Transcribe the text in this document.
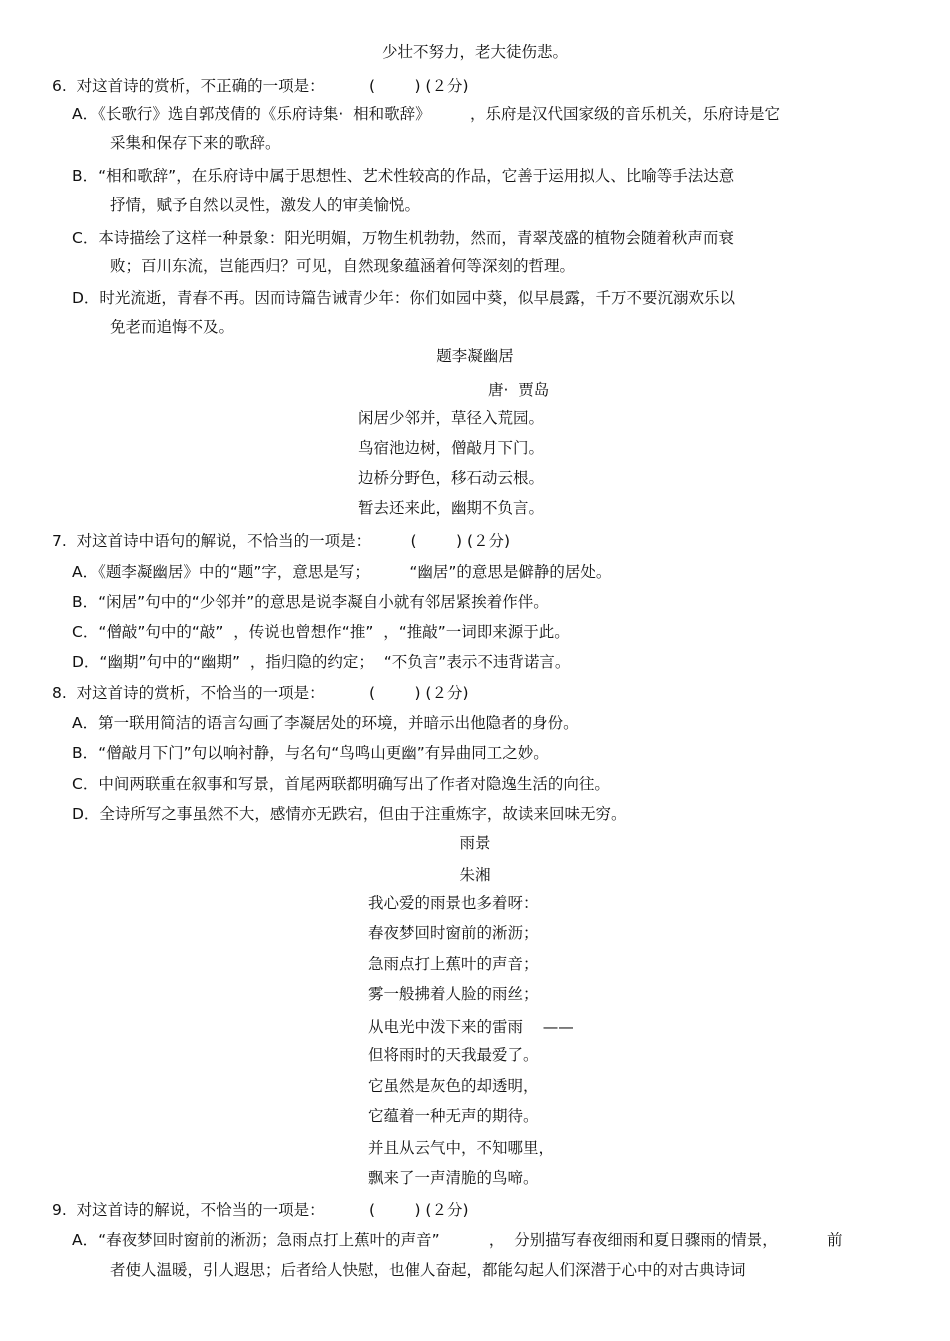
少壮不努力，老大徒伤悲。
6.  对这首诗的赏析，不正确的一项是：         (        ) (２分)
A．《长歌行》选自郭茂倩的《乐府诗集·  相和歌辞》        ，乐府是汉代国家级的音乐机关，乐府诗是它
采集和保存下来的歌辞。
B．“相和歌辞”，在乐府诗中属于思想性、艺术性较高的作品，它善于运用拟人、比喻等手法达意
抒情，赋予自然以灵性，激发人的审美愉悦。
C．本诗描绘了这样一种景象：阳光明媚，万物生机勃勃，然而，青翠茂盛的植物会随着秋声而衰
败；百川东流，岂能西归？可见，自然现象蕴涵着何等深刻的哲理。
D．时光流逝，青春不再。因而诗篇告诫青少年：你们如园中葵，似早晨露，千万不要沉溺欢乐以
免老而追悔不及。
题李凝幽居
唐·  贾岛
闲居少邻并，草径入荒园。
鸟宿池边树，僧敲月下门。
边桥分野色，移石动云根。
暂去还来此，幽期不负言。
7.  对这首诗中语句的解说，不恰当的一项是：        (        ) (２分)
A．《题李凝幽居》中的“题”字，意思是写；        “幽居”的意思是僻静的居处。
B．“闲居”句中的“少邻并”的意思是说李凝自小就有邻居紧挨着作伴。
C．“僧敲”句中的“敲”  ，传说也曾想作“推”  ，“推敲”一词即来源于此。
D．“幽期”句中的“幽期”  ，指归隐的约定；  “不负言”表示不违背诺言。
8.  对这首诗的赏析，不恰当的一项是：         (        ) (２分)
A．第一联用简洁的语言勾画了李凝居处的环境，并暗示出他隐者的身份。
B．“僧敲月下门”句以响衬静，与名句“鸟鸣山更幽”有异曲同工之妙。
C．中间两联重在叙事和写景，首尾两联都明确写出了作者对隐逸生活的向往。
D．全诗所写之事虽然不大，感情亦无跌宕，但由于注重炼字，故读来回味无穷。
雨景
朱湘
我心爱的雨景也多着呀：
春夜梦回时窗前的淅沥；
急雨点打上蕉叶的声音；
雾一般拂着人脸的雨丝；
从电光中泼下来的雷雨    ——
但将雨时的天我最爱了。
它虽然是灰色的却透明，
它蕴着一种无声的期待。
并且从云气中，不知哪里，
飘来了一声清脆的鸟啼。
9.  对这首诗的解说，不恰当的一项是：         (        ) (２分)
A．“春夜梦回时窗前的淅沥；急雨点打上蕉叶的声音”          ，  分别描写春夜细雨和夏日骤雨的情景，          前
者使人温暖，引人遐思；后者给人快慰，也催人奋起，都能勾起人们深潜于心中的对古典诗词
